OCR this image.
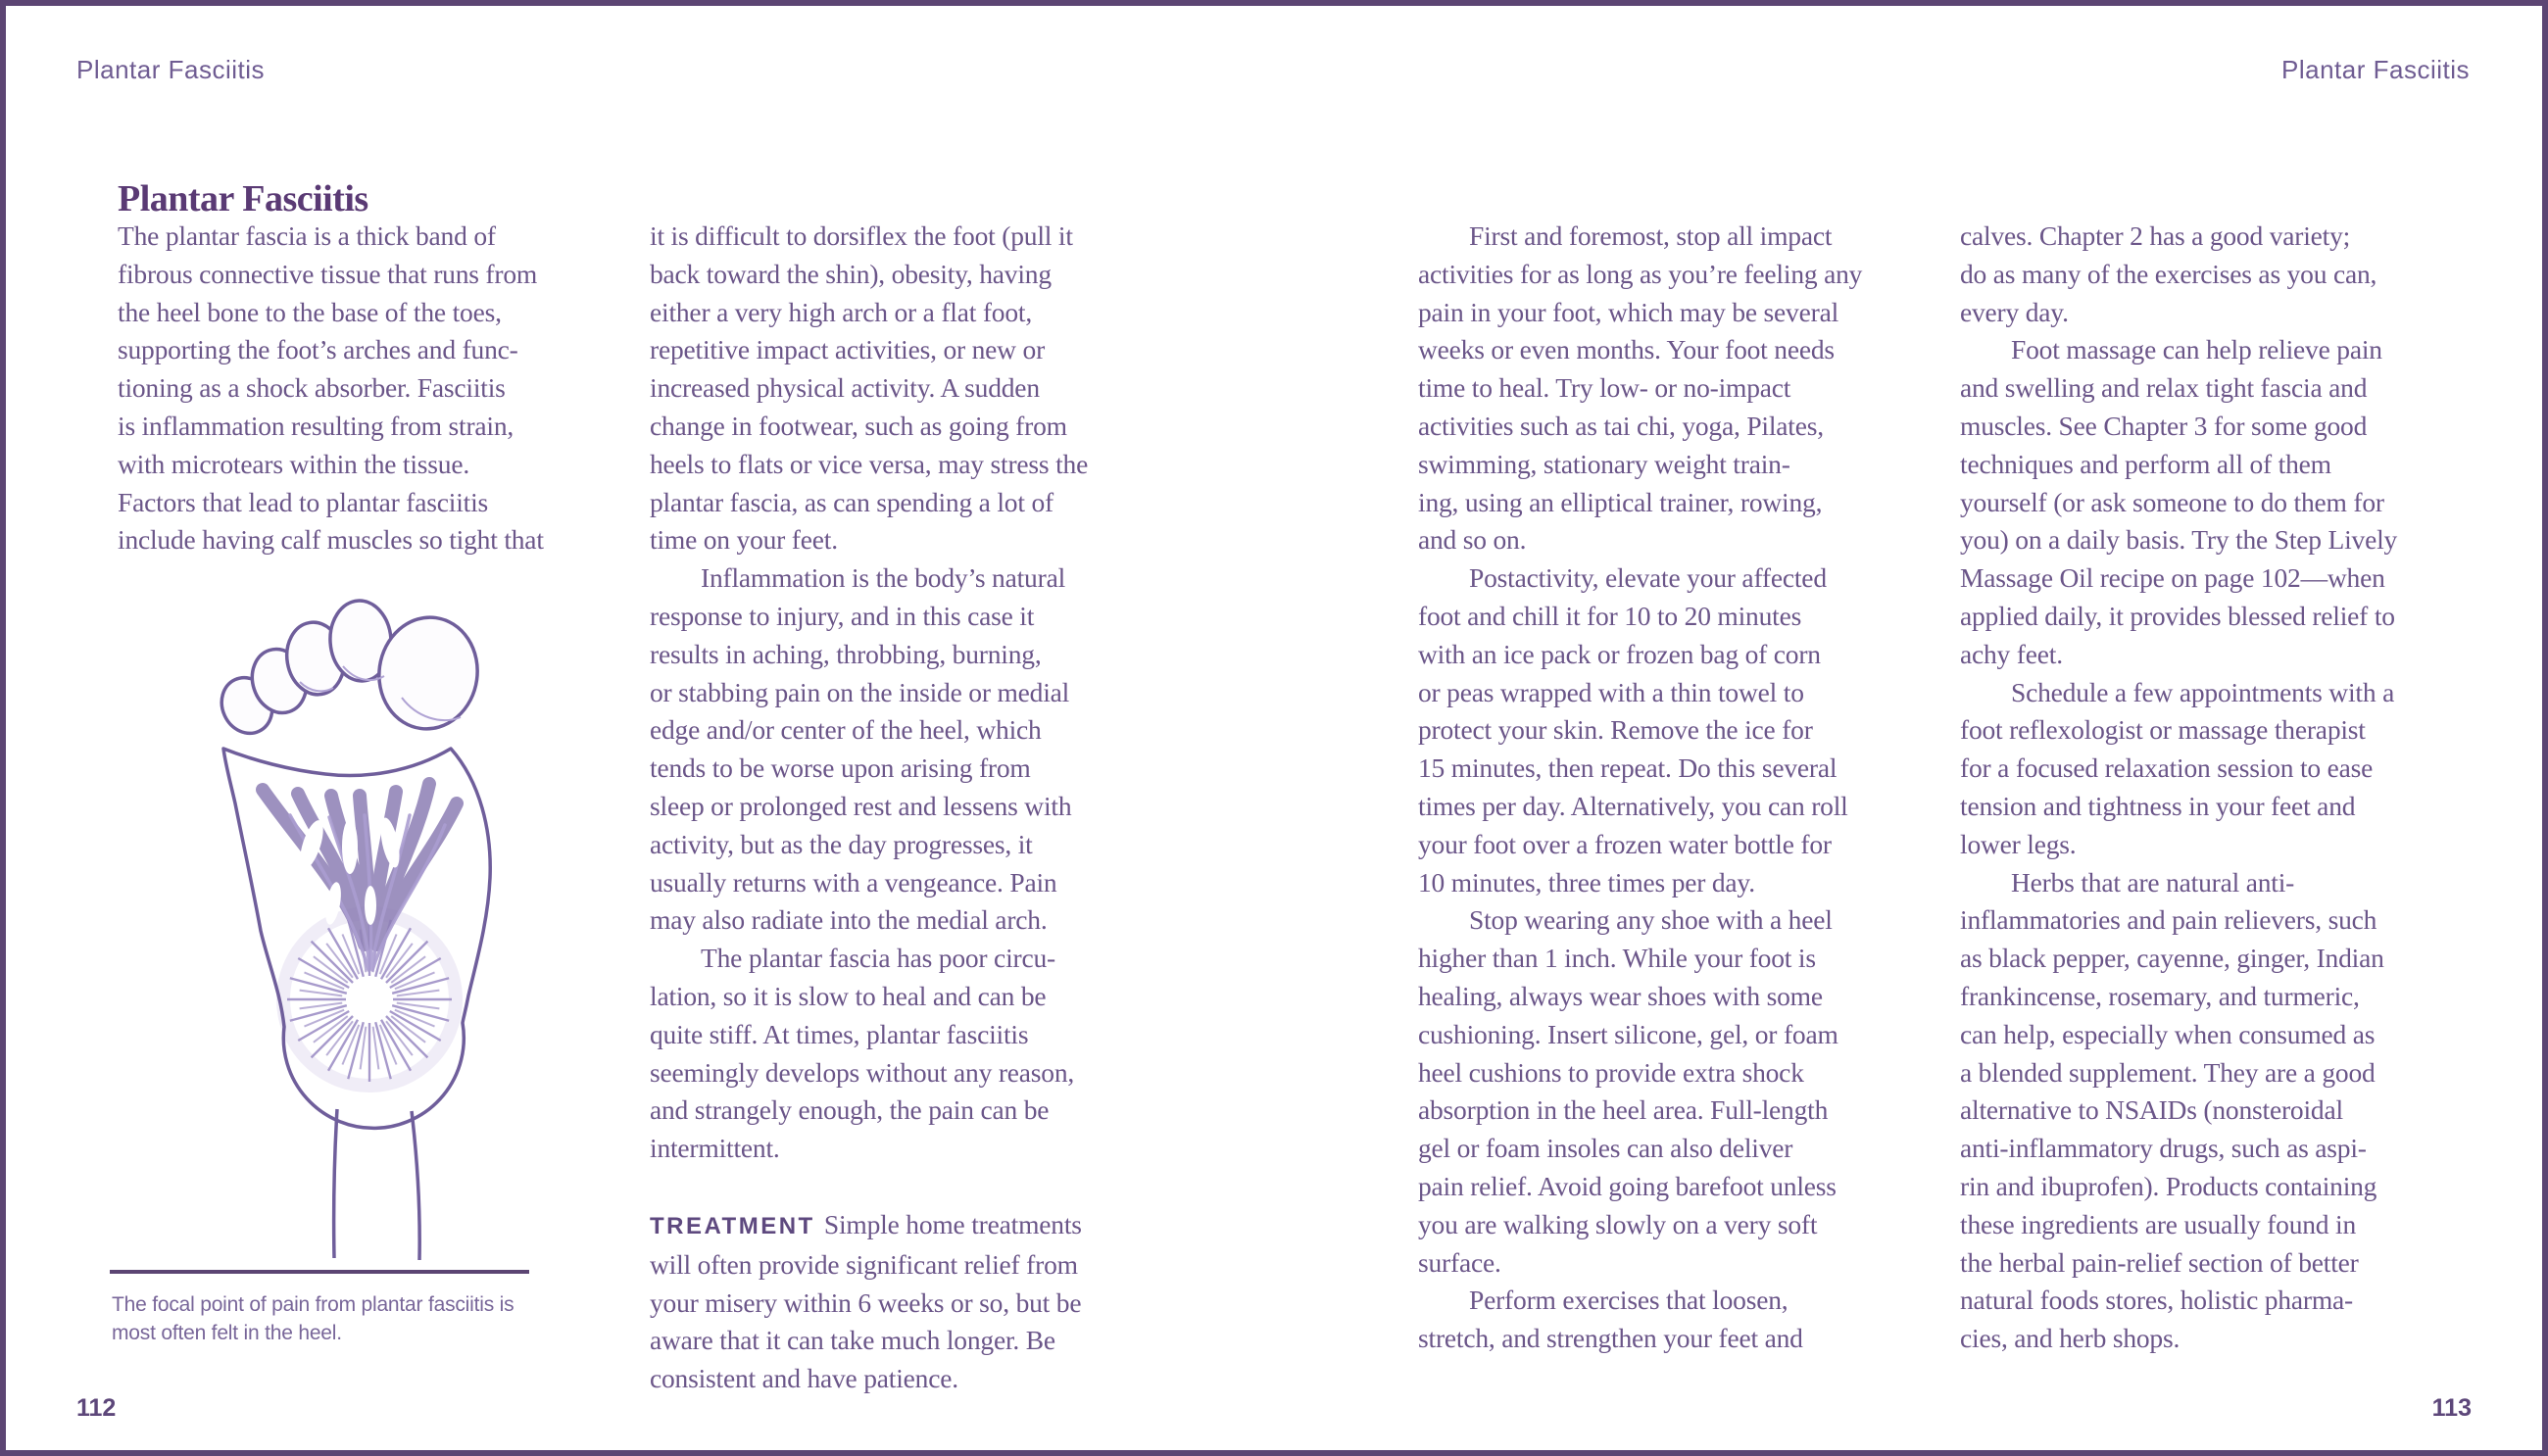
Plantar Fasciitis	Plantar Fasciitis
Plantar Fasciitis
The plantar fascia is a thick band of
fibrous connective tissue that runs from
the heel bone to the base of the toes,
supporting the foot’s arches and func-
tioning as a shock absorber. Fasciitis
is inflammation resulting from strain,
with microtears within the tissue.
Factors that lead to plantar fasciitis
include having calf muscles so tight that
it is difficult to dorsiflex the foot (pull it
back toward the shin), obesity, having
either a very high arch or a flat foot,
repetitive impact activities, or new or
increased physical activity. A sudden
change in footwear, such as going from
heels to flats or vice versa, may stress the
plantar fascia, as can spending a lot of
time on your feet.
Inflammation is the body’s natural
response to injury, and in this case it
results in aching, throbbing, burning,
or stabbing pain on the inside or medial
edge and/or center of the heel, which
tends to be worse upon arising from
sleep or prolonged rest and lessens with
activity, but as the day progresses, it
usually returns with a vengeance. Pain
may also radiate into the medial arch.
The plantar fascia has poor circu-
lation, so it is slow to heal and can be
quite stiff. At times, plantar fasciitis
seemingly develops without any reason,
and strangely enough, the pain can be
intermittent.
TREATMENT Simple home treatments
will often provide significant relief from
your misery within 6 weeks or so, but be
aware that it can take much longer. Be
consistent and have patience.
First and foremost, stop all impact
activities for as long as you’re feeling any
pain in your foot, which may be several
weeks or even months. Your foot needs
time to heal. Try low- or no-impact
activities such as tai chi, yoga, Pilates,
swimming, stationary weight train-
ing, using an elliptical trainer, rowing,
and so on.
Postactivity, elevate your affected
foot and chill it for 10 to 20 minutes
with an ice pack or frozen bag of corn
or peas wrapped with a thin towel to
protect your skin. Remove the ice for
15 minutes, then repeat. Do this several
times per day. Alternatively, you can roll
your foot over a frozen water bottle for
10 minutes, three times per day.
Stop wearing any shoe with a heel
higher than 1 inch. While your foot is
healing, always wear shoes with some
cushioning. Insert silicone, gel, or foam
heel cushions to provide extra shock
absorption in the heel area. Full-length
gel or foam insoles can also deliver
pain relief. Avoid going barefoot unless
you are walking slowly on a very soft
surface.
Perform exercises that loosen,
stretch, and strengthen your feet and
calves. Chapter 2 has a good variety;
do as many of the exercises as you can,
every day.
Foot massage can help relieve pain
and swelling and relax tight fascia and
muscles. See Chapter 3 for some good
techniques and perform all of them
yourself (or ask someone to do them for
you) on a daily basis. Try the Step Lively
Massage Oil recipe on page 102—when
applied daily, it provides blessed relief to
achy feet.
Schedule a few appointments with a
foot reflexologist or massage therapist
for a focused relaxation session to ease
tension and tightness in your feet and
lower legs.
Herbs that are natural anti-
inflammatories and pain relievers, such
as black pepper, cayenne, ginger, Indian
frankincense, rosemary, and turmeric,
can help, especially when consumed as
a blended supplement. They are a good
alternative to NSAIDs (nonsteroidal
anti-inflammatory drugs, such as aspi-
rin and ibuprofen). Products containing
these ingredients are usually found in
the herbal pain-relief section of better
natural foods stores, holistic pharma-
cies, and herb shops.
The focal point of pain from plantar fasciitis is
most often felt in the heel.
112	113
